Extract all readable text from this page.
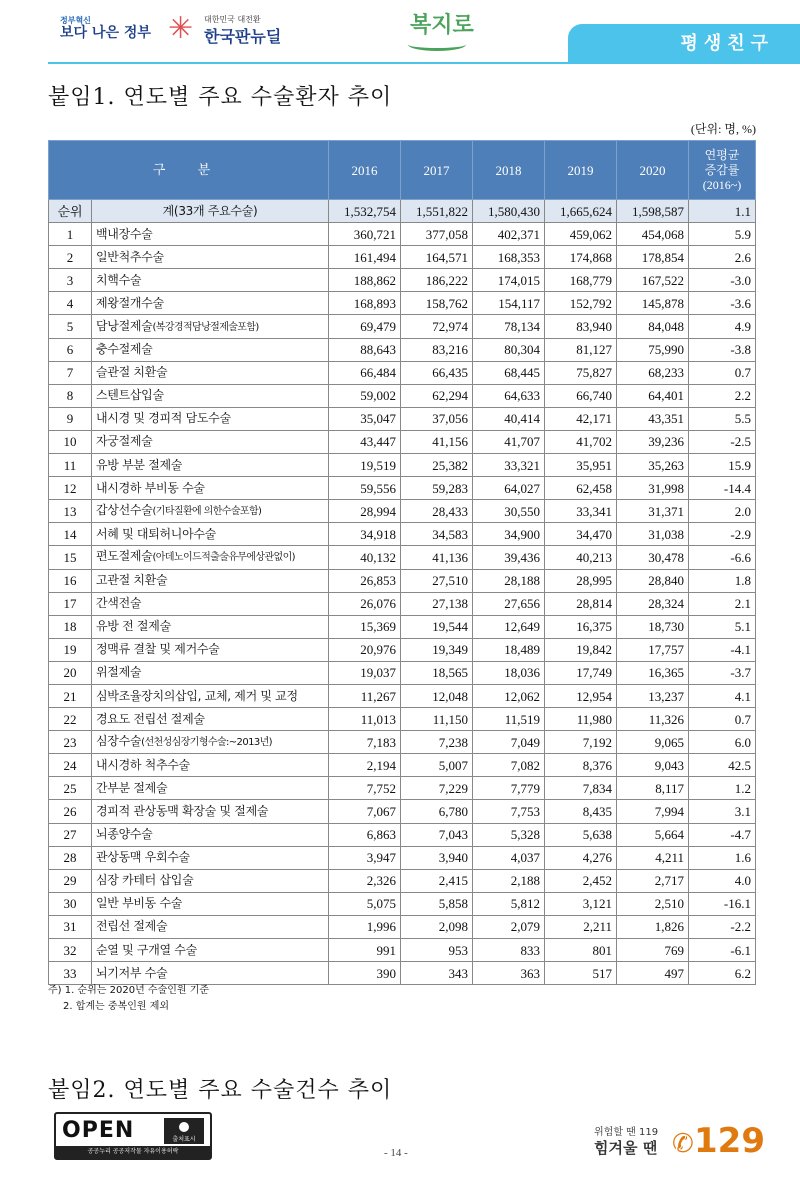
정부혁신
보다 나은 정부 ✳ 대한민국 대전환
한국판뉴딜	복지로
평생친구
붙임1. 연도별 주요 수술환자 추이
(단위: 명, %)
구 분		2016	2017	2018	2019	2020	연평균
증감률
(2016~)
순위	계(33개 주요수술)	1,532,754	1,551,822	1,580,430	1,665,624	1,598,587	1.1
1	백내장수술	360,721	377,058	402,371	459,062	454,068	5.9
2	일반척추수술	161,494	164,571	168,353	174,868	178,854	2.6
3	치핵수술	188,862	186,222	174,015	168,779	167,522	-3.0
4	제왕절개수술	168,893	158,762	154,117	152,792	145,878	-3.6
5	담낭절제술(복강경적담낭절제술포함)	69,479	72,974	78,134	83,940	84,048	4.9
6	충수절제술	88,643	83,216	80,304	81,127	75,990	-3.8
7	슬관절 치환술	66,484	66,435	68,445	75,827	68,233	0.7
8	스텐트삽입술	59,002	62,294	64,633	66,740	64,401	2.2
9	내시경 및 경피적 담도수술	35,047	37,056	40,414	42,171	43,351	5.5
10	자궁절제술	43,447	41,156	41,707	41,702	39,236	-2.5
11	유방 부분 절제술	19,519	25,382	33,321	35,951	35,263	15.9
12	내시경하 부비동 수술	59,556	59,283	64,027	62,458	31,998	-14.4
13	갑상선수술(기타질환에 의한수술포함)	28,994	28,433	30,550	33,341	31,371	2.0
14	서혜 및 대퇴허니아수술	34,918	34,583	34,900	34,470	31,038	-2.9
15	편도절제술(아데노이드적출술유무에상관없이)	40,132	41,136	39,436	40,213	30,478	-6.6
16	고관절 치환술	26,853	27,510	28,188	28,995	28,840	1.8
17	간색전술	26,076	27,138	27,656	28,814	28,324	2.1
18	유방 전 절제술	15,369	19,544	12,649	16,375	18,730	5.1
19	정맥류 결찰 및 제거수술	20,976	19,349	18,489	19,842	17,757	-4.1
20	위절제술	19,037	18,565	18,036	17,749	16,365	-3.7
21	심박조율장치의삽입, 교체, 제거 및 교정	11,267	12,048	12,062	12,954	13,237	4.1
22	경요도 전립선 절제술	11,013	11,150	11,519	11,980	11,326	0.7
23	심장수술(선천성심장기형수술:~2013년)	7,183	7,238	7,049	7,192	9,065	6.0
24	내시경하 척추수술	2,194	5,007	7,082	8,376	9,043	42.5
25	간부분 절제술	7,752	7,229	7,779	7,834	8,117	1.2
26	경피적 관상동맥 확장술 및 절제술	7,067	6,780	7,753	8,435	7,994	3.1
27	뇌종양수술	6,863	7,043	5,328	5,638	5,664	-4.7
28	관상동맥 우회수술	3,947	3,940	4,037	4,276	4,211	1.6
29	심장 카테터 삽입술	2,326	2,415	2,188	2,452	2,717	4.0
30	일반 부비동 수술	5,075	5,858	5,812	3,121	2,510	-16.1
31	전립선 절제술	1,996	2,098	2,079	2,211	1,826	-2.2
32	순열 및 구개열 수술	991	953	833	801	769	-6.1
33	뇌기저부 수술	390	343	363	517	497	6.2
주) 1. 순위는 2020년 수술인원 기준
2. 합계는 중복인원 제외
붙임2. 연도별 주요 수술건수 추이
OPEN	출처표시
공공누리 공공저작물 자유이용허락	- 14 -
위험할 땐 119
힘겨울 땐 ✆ 129
